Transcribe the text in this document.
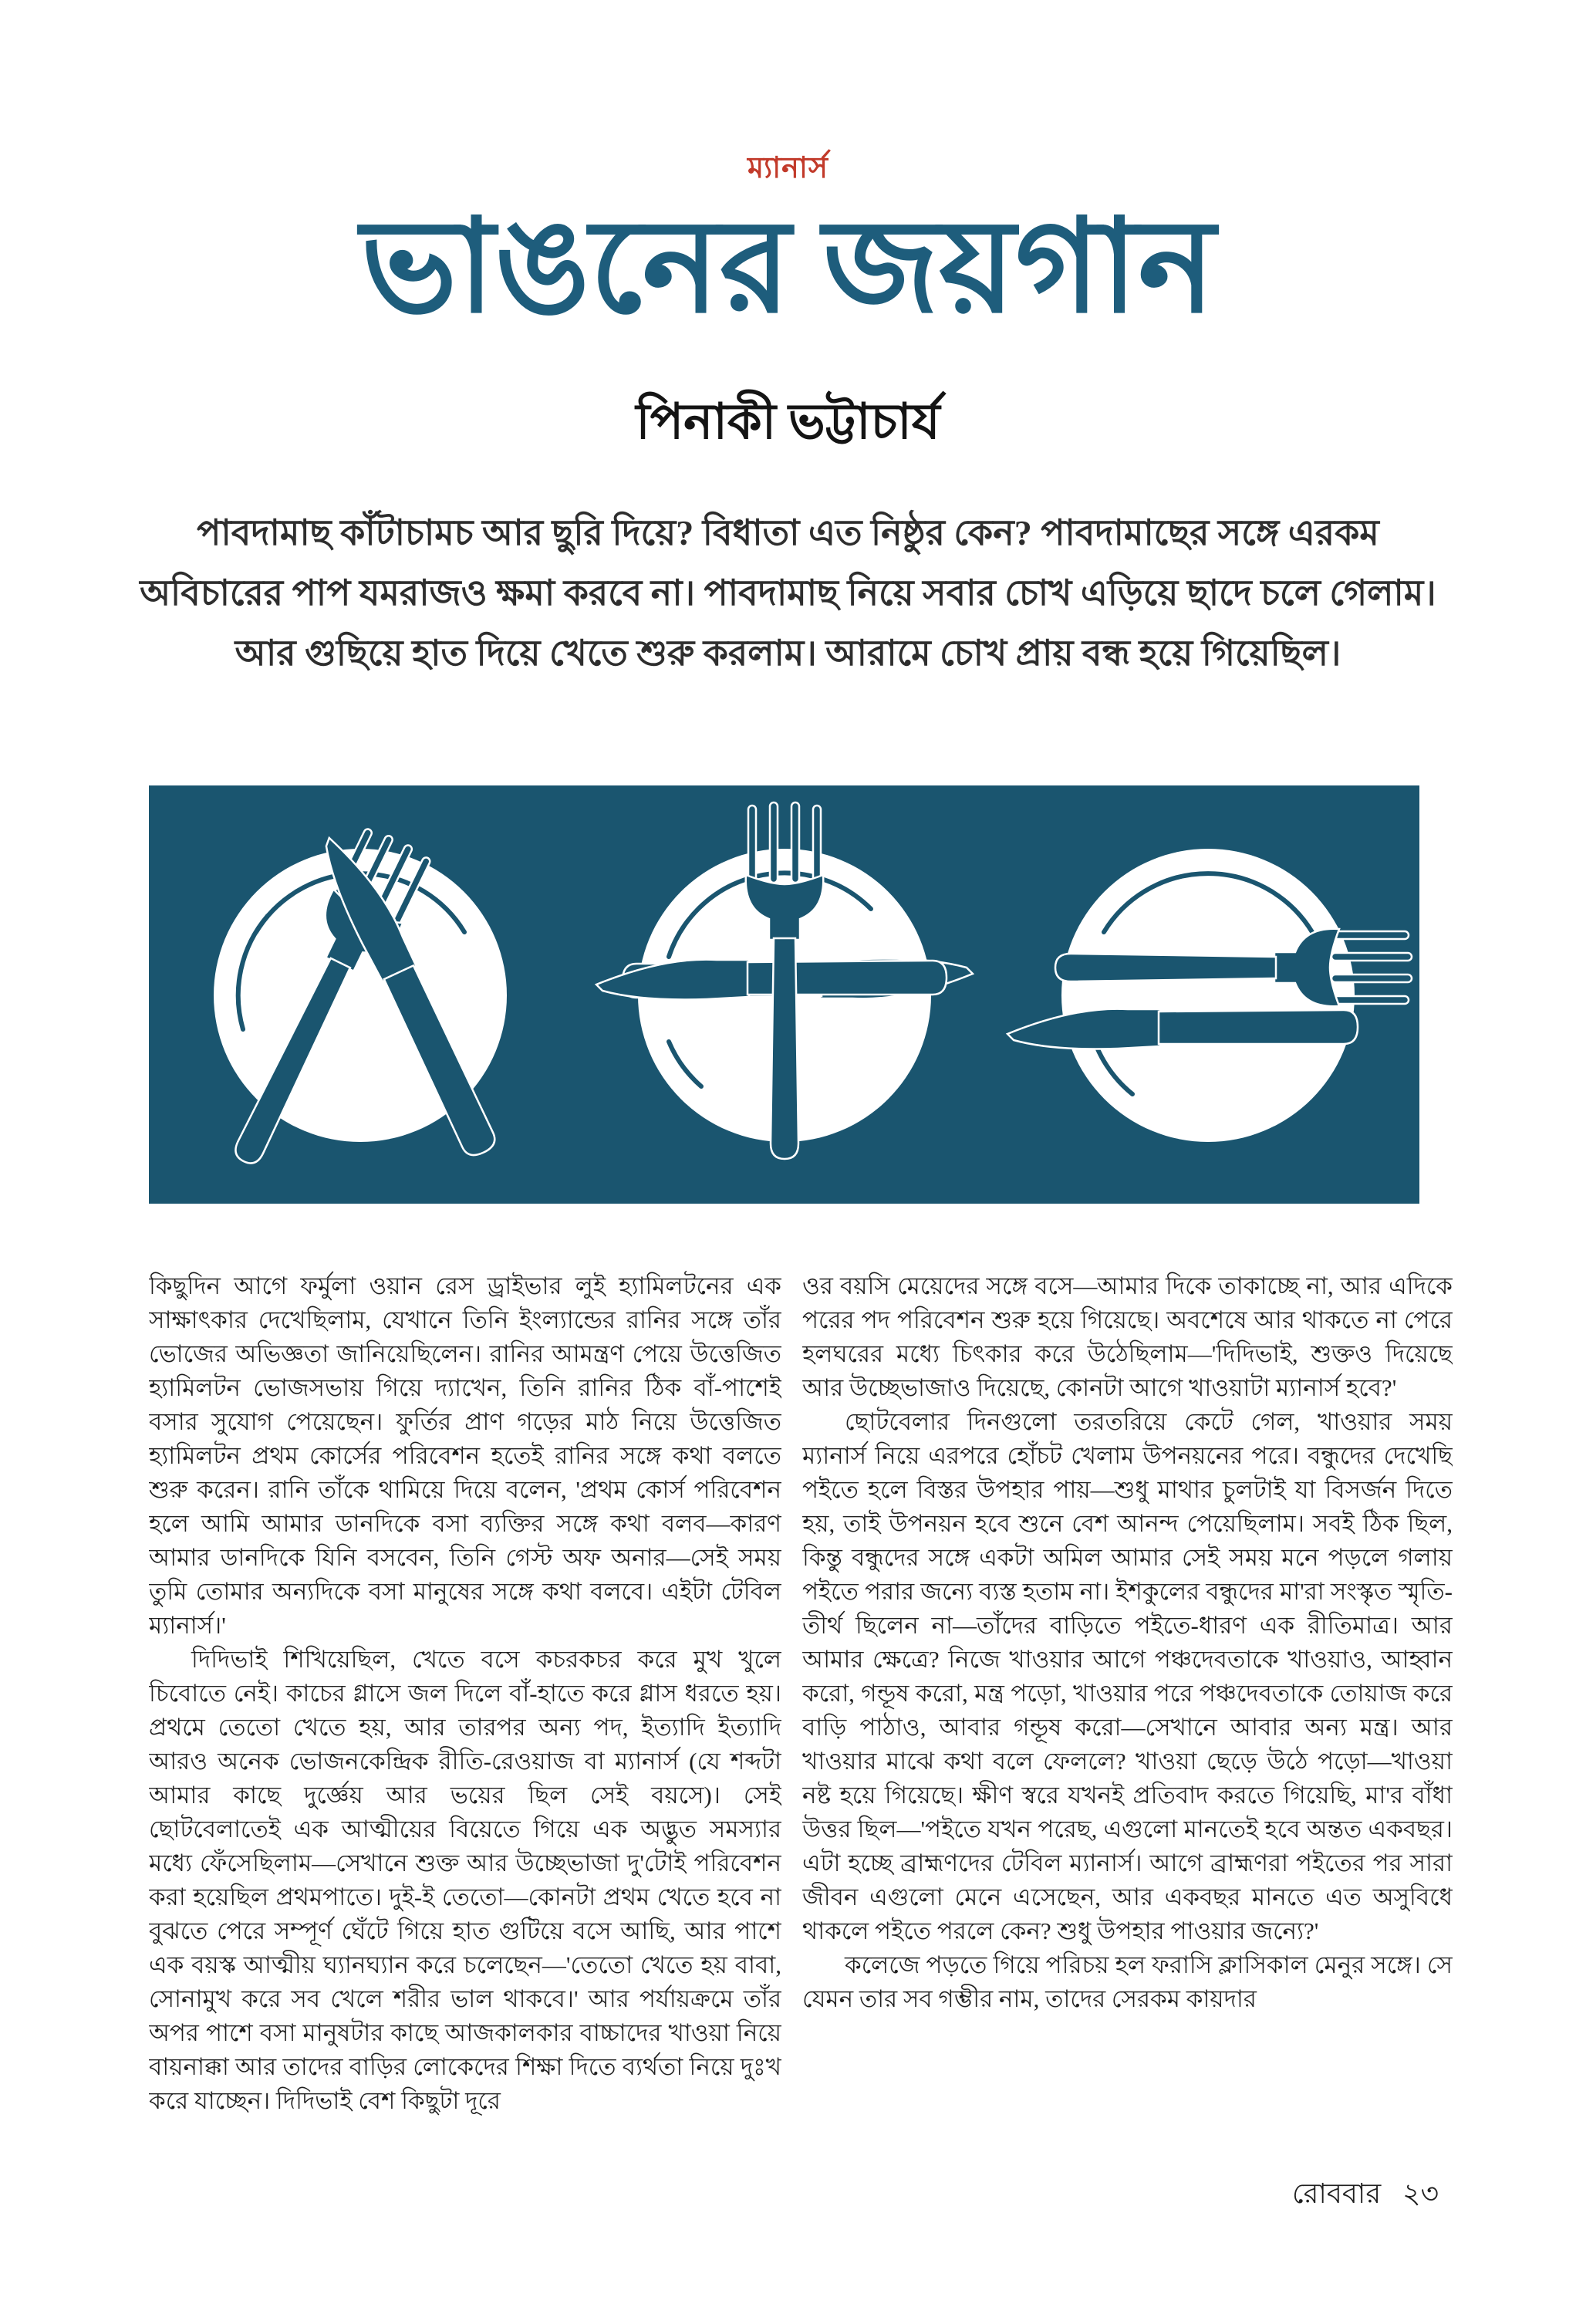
ম্যানার্স
ভাঙনের জয়গান
পিনাকী ভট্টাচার্য
পাবদামাছ কাঁটাচামচ আর ছুরি দিয়ে? বিধাতা এত নিষ্ঠুর কেন? পাবদামাছের সঙ্গে এরকম অবিচারের পাপ যমরাজও ক্ষমা করবে না। পাবদামাছ নিয়ে সবার চোখ এড়িয়ে ছাদে চলে গেলাম। আর গুছিয়ে হাত দিয়ে খেতে শুরু করলাম। আরামে চোখ প্রায় বন্ধ হয়ে গিয়েছিল।

কিছুদিন আগে ফর্মুলা ওয়ান রেস ড্রাইভার লুই হ্যামিলটনের এক সাক্ষাৎকার দেখেছিলাম, যেখানে তিনি ইংল্যান্ডের রানির সঙ্গে তাঁর ভোজের অভিজ্ঞতা জানিয়েছিলেন। রানির আমন্ত্রণ পেয়ে উত্তেজিত হ্যামিলটন ভোজসভায় গিয়ে দ্যাখেন, তিনি রানির ঠিক বাঁ-পাশেই বসার সুযোগ পেয়েছেন। ফুর্তির প্রাণ গড়ের মাঠ নিয়ে উত্তেজিত হ্যামিলটন প্রথম কোর্সের পরিবেশন হতেই রানির সঙ্গে কথা বলতে শুরু করেন। রানি তাঁকে থামিয়ে দিয়ে বলেন, 'প্রথম কোর্স পরিবেশন হলে আমি আমার ডানদিকে বসা ব্যক্তির সঙ্গে কথা বলব—কারণ আমার ডানদিকে যিনি বসবেন, তিনি গেস্ট অফ অনার—সেই সময় তুমি তোমার অন্যদিকে বসা মানুষের সঙ্গে কথা বলবে। এইটা টেবিল ম্যানার্স।'

দিদিভাই শিখিয়েছিল, খেতে বসে কচরকচর করে মুখ খুলে চিবোতে নেই। কাচের গ্লাসে জল দিলে বাঁ-হাতে করে গ্লাস ধরতে হয়। প্রথমে তেতো খেতে হয়, আর তারপর অন্য পদ, ইত্যাদি ইত্যাদি আরও অনেক ভোজনকেন্দ্রিক রীতি-রেওয়াজ বা ম্যানার্স (যে শব্দটা আমার কাছে দুর্জ্ঞেয় আর ভয়ের ছিল সেই বয়সে)। সেই ছোটবেলাতেই এক আত্মীয়ের বিয়েতে গিয়ে এক অদ্ভুত সমস্যার মধ্যে ফেঁসেছিলাম—সেখানে শুক্ত আর উচ্ছেভাজা দু'টোই পরিবেশন করা হয়েছিল প্রথমপাতে। দুই-ই তেতো—কোনটা প্রথম খেতে হবে না বুঝতে পেরে সম্পূর্ণ ঘেঁটে গিয়ে হাত গুটিয়ে বসে আছি, আর পাশে এক বয়স্ক আত্মীয় ঘ্যানঘ্যান করে চলেছেন—'তেতো খেতে হয় বাবা, সোনামুখ করে সব খেলে শরীর ভাল থাকবে।' আর পর্যায়ক্রমে তাঁর অপর পাশে বসা মানুষটার কাছে আজকালকার বাচ্চাদের খাওয়া নিয়ে বায়নাক্কা আর তাদের বাড়ির লোকেদের শিক্ষা দিতে ব্যর্থতা নিয়ে দুঃখ করে যাচ্ছেন। দিদিভাই বেশ কিছুটা দূরে

ওর বয়সি মেয়েদের সঙ্গে বসে—আমার দিকে তাকাচ্ছে না, আর এদিকে পরের পদ পরিবেশন শুরু হয়ে গিয়েছে। অবশেষে আর থাকতে না পেরে হলঘরের মধ্যে চিৎকার করে উঠেছিলাম—'দিদিভাই, শুক্তও দিয়েছে আর উচ্ছেভাজাও দিয়েছে, কোনটা আগে খাওয়াটা ম্যানার্স হবে?'

ছোটবেলার দিনগুলো তরতরিয়ে কেটে গেল, খাওয়ার সময় ম্যানার্স নিয়ে এরপরে হোঁচট খেলাম উপনয়নের পরে। বন্ধুদের দেখেছি পইতে হলে বিস্তর উপহার পায়—শুধু মাথার চুলটাই যা বিসর্জন দিতে হয়, তাই উপনয়ন হবে শুনে বেশ আনন্দ পেয়েছিলাম। সবই ঠিক ছিল, কিন্তু বন্ধুদের সঙ্গে একটা অমিল আমার সেই সময় মনে পড়লে গলায় পইতে পরার জন্যে ব্যস্ত হতাম না। ইশকুলের বন্ধুদের মা'রা সংস্কৃত স্মৃতি-তীর্থ ছিলেন না—তাঁদের বাড়িতে পইতে-ধারণ এক রীতিমাত্র। আর আমার ক্ষেত্রে? নিজে খাওয়ার আগে পঞ্চদেবতাকে খাওয়াও, আহ্বান করো, গন্ডূষ করো, মন্ত্র পড়ো, খাওয়ার পরে পঞ্চদেবতাকে তোয়াজ করে বাড়ি পাঠাও, আবার গন্ডূষ করো—সেখানে আবার অন্য মন্ত্র। আর খাওয়ার মাঝে কথা বলে ফেললে? খাওয়া ছেড়ে উঠে পড়ো—খাওয়া নষ্ট হয়ে গিয়েছে। ক্ষীণ স্বরে যখনই প্রতিবাদ করতে গিয়েছি, মা'র বাঁধা উত্তর ছিল—'পইতে যখন পরেছ, এগুলো মানতেই হবে অন্তত একবছর। এটা হচ্ছে ব্রাহ্মণদের টেবিল ম্যানার্স। আগে ব্রাহ্মণরা পইতের পর সারা জীবন এগুলো মেনে এসেছেন, আর একবছর মানতে এত অসুবিধে থাকলে পইতে পরলে কেন? শুধু উপহার পাওয়ার জন্যে?'

কলেজে পড়তে গিয়ে পরিচয় হল ফরাসি ক্লাসিকাল মেনুর সঙ্গে। সে যেমন তার সব গম্ভীর নাম, তাদের সেরকম কায়দার

রোববার ২৩
